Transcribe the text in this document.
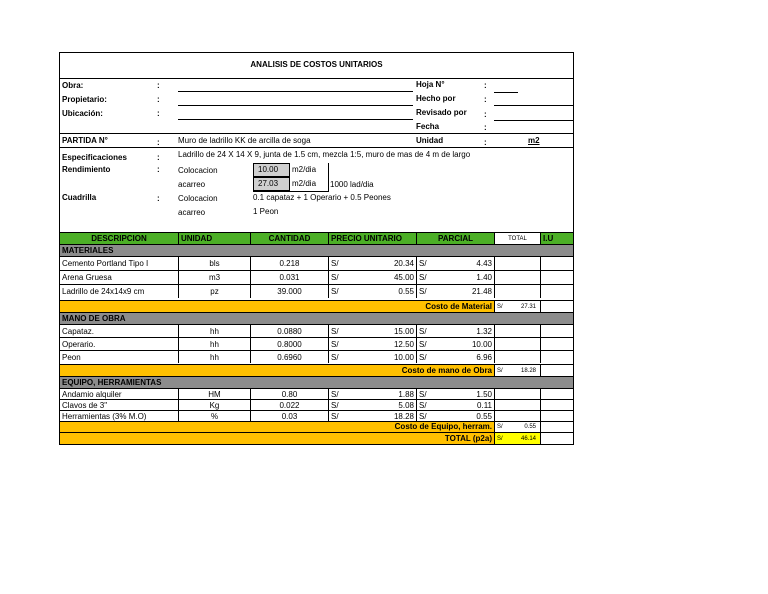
ANALISIS DE COSTOS UNITARIOS
Obra:	:
Propietario:	:
Ubicación:	:
Hoja N°	:
Hecho por	:
Revisado por :
Fecha	:
PARTIDA N°	: Muro de ladrillo KK de arcilla de soga	Unidad	:	m2
Especificaciones	: Ladrillo de 24 X 14 X 9, junta de 1.5 cm, mezcla 1:5, muro de mas de 4 m de largo
Rendimiento	: Colocacion	10.00 m2/dia
acarreo	27.03 m2/dia 1000 lad/dia
Cuadrilla	: Colocacion	0.1 capataz + 1 Operario + 0.5 Peones
acarreo	1 Peon
DESCRIPCION	UNIDAD	CANTIDAD	PRECIO UNITARIO	PARCIAL	TOTAL	I.U
MATERIALES
Cemento Portland Tipo I	bls	0.218	S/	20.34 S/	4.43
Arena Gruesa	m3	0.031	S/	45.00 S/	1.40
Ladrillo de 24x14x9 cm	pz	39.000	S/	0.55 S/	21.48
Costo de Material S/	27.31
MANO DE OBRA
Capataz.	hh	0.0880	S/	15.00 S/	1.32
Operario.	hh	0.8000	S/	12.50 S/	10.00
Peon	hh	0.6960	S/	10.00 S/	6.96
Costo de mano de Obra S/	18.28
EQUIPO, HERRAMIENTAS
Andamio alquiler	HM	0.80	S/	1.88 S/	1.50
Clavos de 3"	Kg	0.022	S/	5.08 S/	0.11
Herramientas (3% M.O)	%	0.03	S/	18.28 S/	0.55
Costo de Equipo, herram. S/	0.55
TOTAL (p2a) S/	46.14
